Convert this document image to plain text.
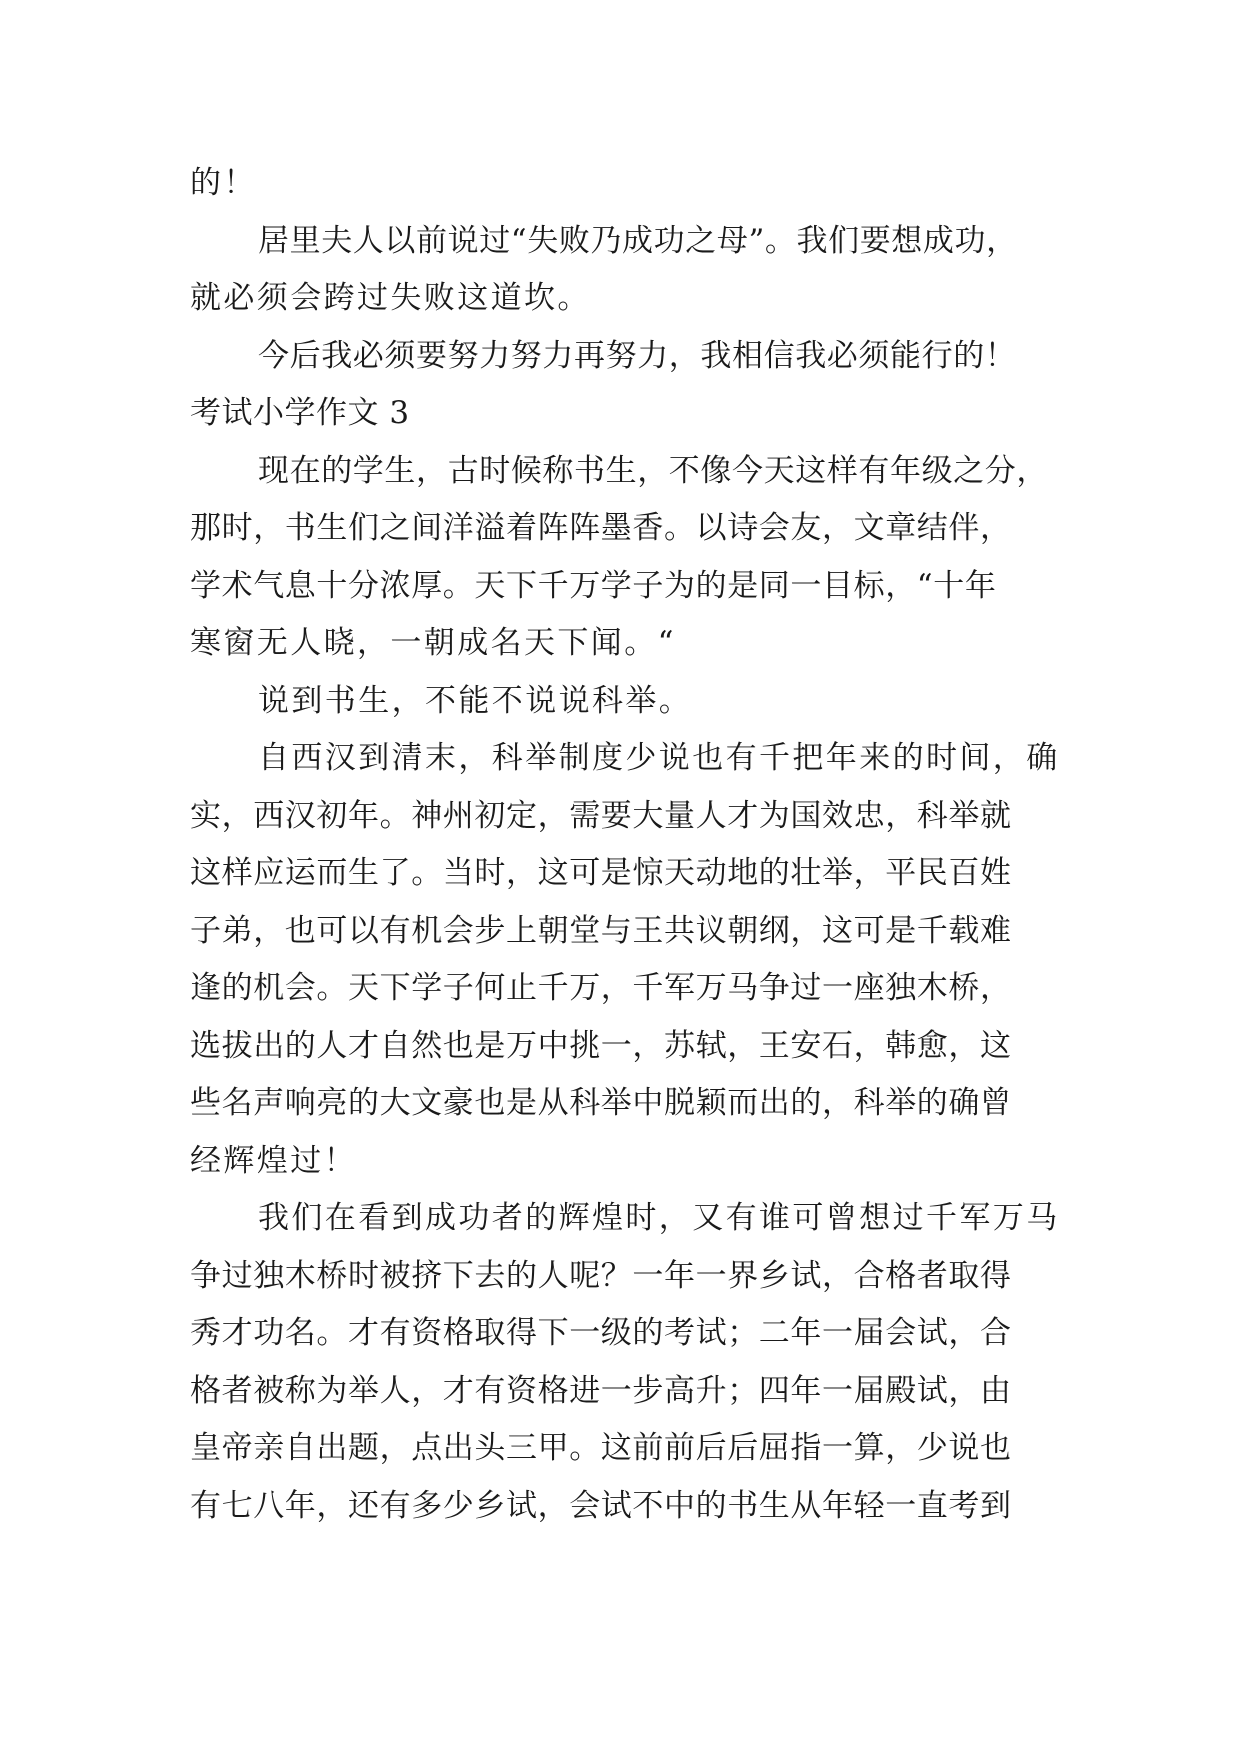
的！

居里夫人以前说过“失败乃成功之母”。我们要想成功，

就必须会跨过失败这道坎。

今后我必须要努力努力再努力，我相信我必须能行的！

考试小学作文 3

现在的学生，古时候称书生，不像今天这样有年级之分，

那时，书生们之间洋溢着阵阵墨香。以诗会友，文章结伴，

学术气息十分浓厚。天下千万学子为的是同一目标，“十年

寒窗无人晓，一朝成名天下闻。“

说到书生，不能不说说科举。

自西汉到清末，科举制度少说也有千把年来的时间，确

实，西汉初年。神州初定，需要大量人才为国效忠，科举就

这样应运而生了。当时，这可是惊天动地的壮举，平民百姓

子弟，也可以有机会步上朝堂与王共议朝纲，这可是千载难

逢的机会。天下学子何止千万，千军万马争过一座独木桥，

选拔出的人才自然也是万中挑一，苏轼，王安石，韩愈，这

些名声响亮的大文豪也是从科举中脱颖而出的，科举的确曾

经辉煌过！

我们在看到成功者的辉煌时，又有谁可曾想过千军万马

争过独木桥时被挤下去的人呢？一年一界乡试，合格者取得

秀才功名。才有资格取得下一级的考试；二年一届会试，合

格者被称为举人，才有资格进一步高升；四年一届殿试，由

皇帝亲自出题，点出头三甲。这前前后后屈指一算，少说也

有七八年，还有多少乡试，会试不中的书生从年轻一直考到
